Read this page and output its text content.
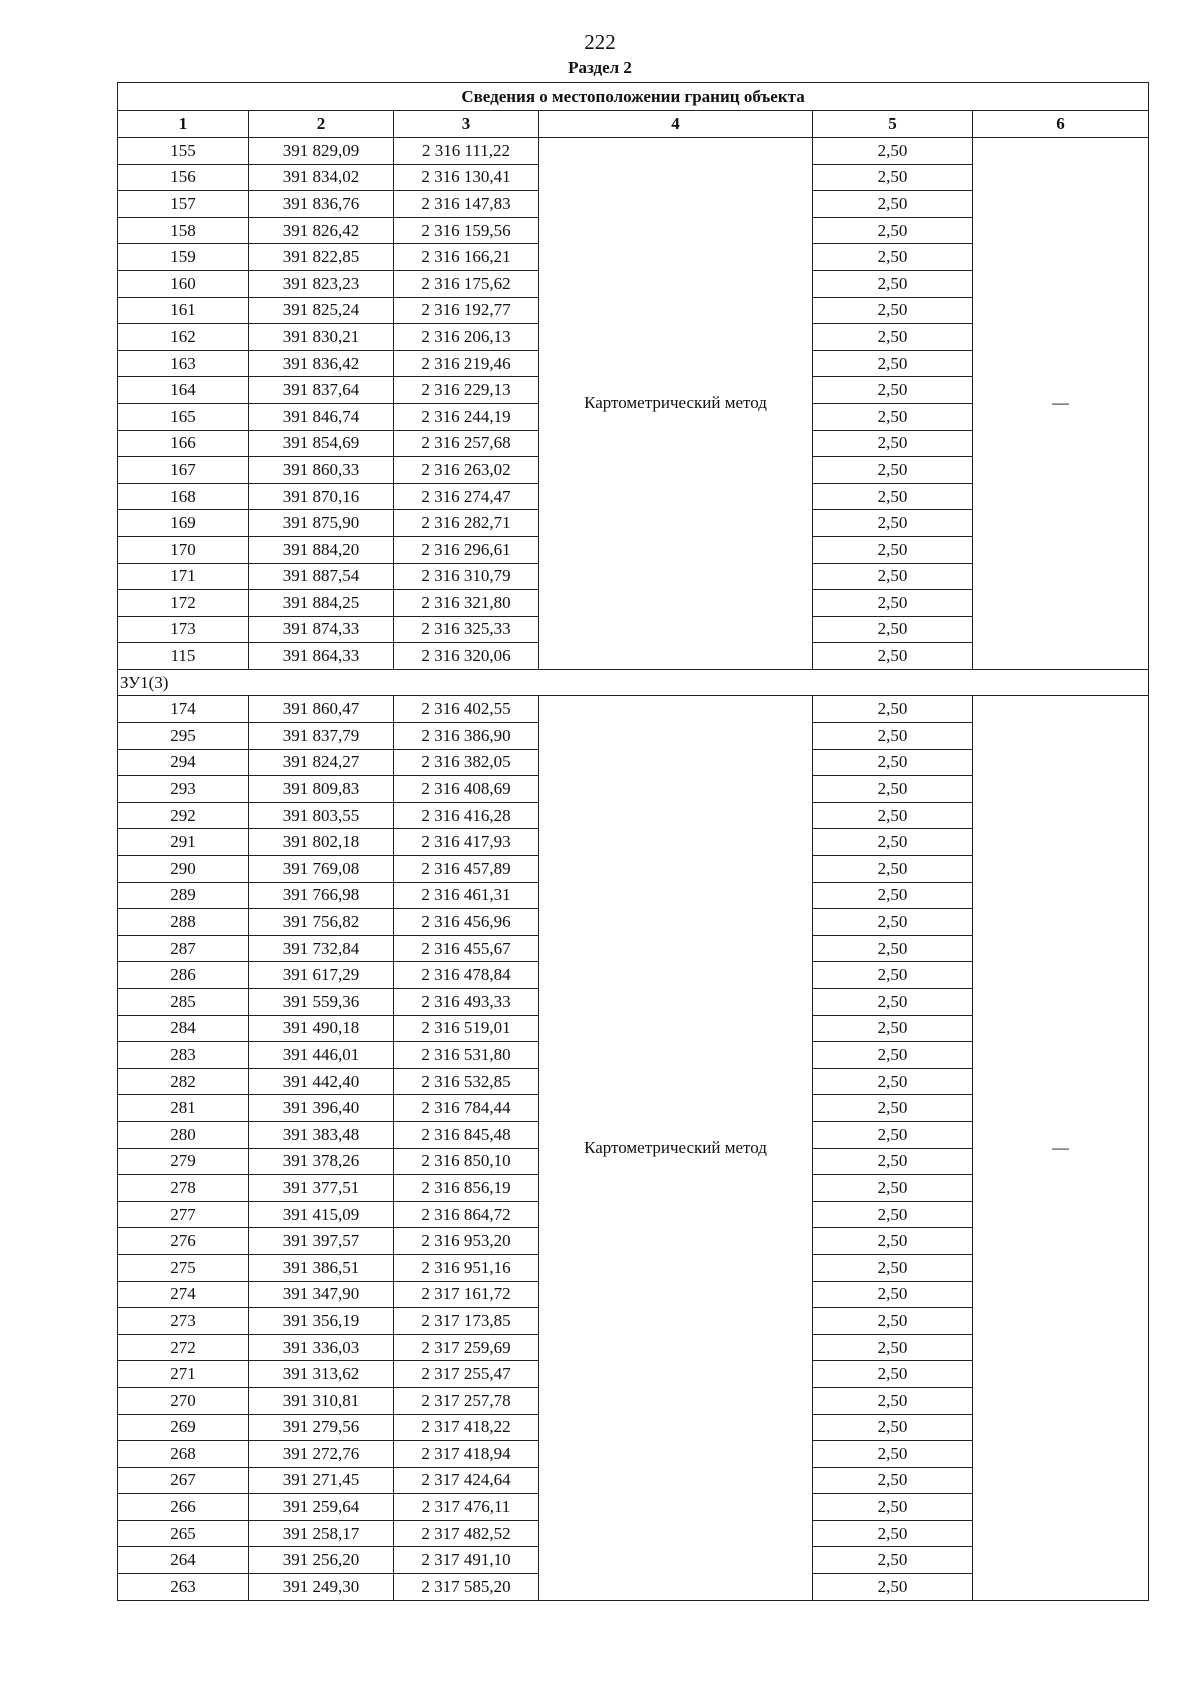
222
Раздел 2
Сведения о местоположении границ объекта					
1	2	3	4	5	6
155	391 829,09	2 316 111,22	Картометрический метод	2,50	—
156	391 834,02	2 316 130,41		2,50	
157	391 836,76	2 316 147,83		2,50	
158	391 826,42	2 316 159,56		2,50	
159	391 822,85	2 316 166,21		2,50	
160	391 823,23	2 316 175,62		2,50	
161	391 825,24	2 316 192,77		2,50	
162	391 830,21	2 316 206,13		2,50	
163	391 836,42	2 316 219,46		2,50	
164	391 837,64	2 316 229,13		2,50	
165	391 846,74	2 316 244,19		2,50	
166	391 854,69	2 316 257,68		2,50	
167	391 860,33	2 316 263,02		2,50	
168	391 870,16	2 316 274,47		2,50	
169	391 875,90	2 316 282,71		2,50	
170	391 884,20	2 316 296,61		2,50	
171	391 887,54	2 316 310,79		2,50	
172	391 884,25	2 316 321,80		2,50	
173	391 874,33	2 316 325,33		2,50	
115	391 864,33	2 316 320,06		2,50	
ЗУ1(3)					
174	391 860,47	2 316 402,55	Картометрический метод	2,50	—
295	391 837,79	2 316 386,90		2,50	
294	391 824,27	2 316 382,05		2,50	
293	391 809,83	2 316 408,69		2,50	
292	391 803,55	2 316 416,28		2,50	
291	391 802,18	2 316 417,93		2,50	
290	391 769,08	2 316 457,89		2,50	
289	391 766,98	2 316 461,31		2,50	
288	391 756,82	2 316 456,96		2,50	
287	391 732,84	2 316 455,67		2,50	
286	391 617,29	2 316 478,84		2,50	
285	391 559,36	2 316 493,33		2,50	
284	391 490,18	2 316 519,01		2,50	
283	391 446,01	2 316 531,80		2,50	
282	391 442,40	2 316 532,85		2,50	
281	391 396,40	2 316 784,44		2,50	
280	391 383,48	2 316 845,48		2,50	
279	391 378,26	2 316 850,10		2,50	
278	391 377,51	2 316 856,19		2,50	
277	391 415,09	2 316 864,72		2,50	
276	391 397,57	2 316 953,20		2,50	
275	391 386,51	2 316 951,16		2,50	
274	391 347,90	2 317 161,72		2,50	
273	391 356,19	2 317 173,85		2,50	
272	391 336,03	2 317 259,69		2,50	
271	391 313,62	2 317 255,47		2,50	
270	391 310,81	2 317 257,78		2,50	
269	391 279,56	2 317 418,22		2,50	
268	391 272,76	2 317 418,94		2,50	
267	391 271,45	2 317 424,64		2,50	
266	391 259,64	2 317 476,11		2,50	
265	391 258,17	2 317 482,52		2,50	
264	391 256,20	2 317 491,10		2,50	
263	391 249,30	2 317 585,20		2,50	
